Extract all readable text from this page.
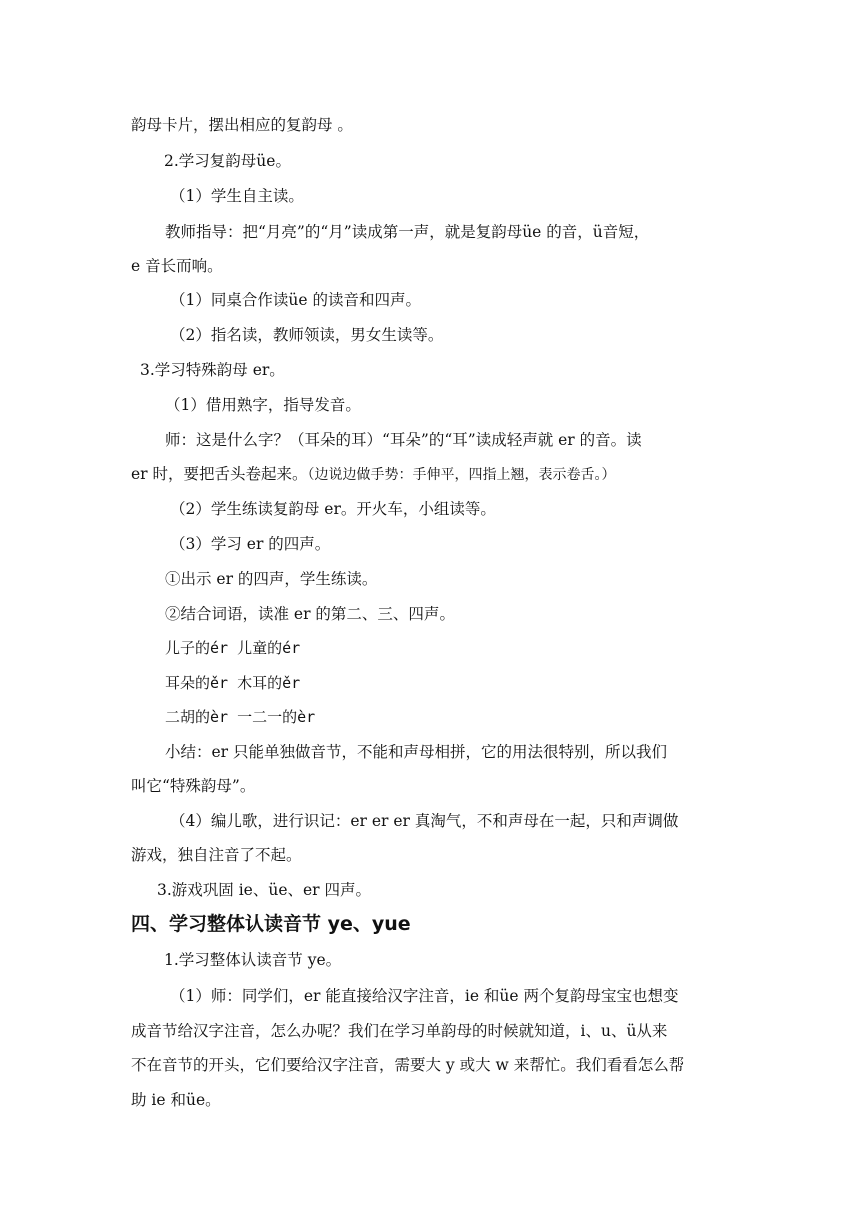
韵母卡片，摆出相应的复韵母 。
2.学习复韵母üe。
（1）学生自主读。
教师指导：把“月亮”的“月”读成第一声，就是复韵母üe 的音，ü音短，
e 音长而响。
（1）同桌合作读üe 的读音和四声。
（2）指名读，教师领读，男女生读等。
3.学习特殊韵母 er。
（1）借用熟字，指导发音。
师：这是什么字？（耳朵的耳）“耳朵”的“耳”读成轻声就 er 的音。读
er 时，要把舌头卷起来。（边说边做手势：手伸平，四指上翘，表示卷舌。）
（2）学生练读复韵母 er。开火车，小组读等。
（3）学习 er 的四声。
①出示 er 的四声，学生练读。
②结合词语，读准 er 的第二、三、四声。
儿子的ér 儿童的ér
耳朵的ěr 木耳的ěr
二胡的èr 一二一的èr
小结：er 只能单独做音节，不能和声母相拼，它的用法很特别，所以我们
叫它“特殊韵母”。
（4）编儿歌，进行识记：er er er 真淘气，不和声母在一起，只和声调做
游戏，独自注音了不起。
3.游戏巩固 ie、üe、er 四声。
四、学习整体认读音节 ye、yue
1.学习整体认读音节 ye。
（1）师：同学们，er 能直接给汉字注音，ie 和üe 两个复韵母宝宝也想变
成音节给汉字注音，怎么办呢？我们在学习单韵母的时候就知道，i、u、ü从来
不在音节的开头，它们要给汉字注音，需要大 y 或大 w 来帮忙。我们看看怎么帮
助 ie 和üe。
